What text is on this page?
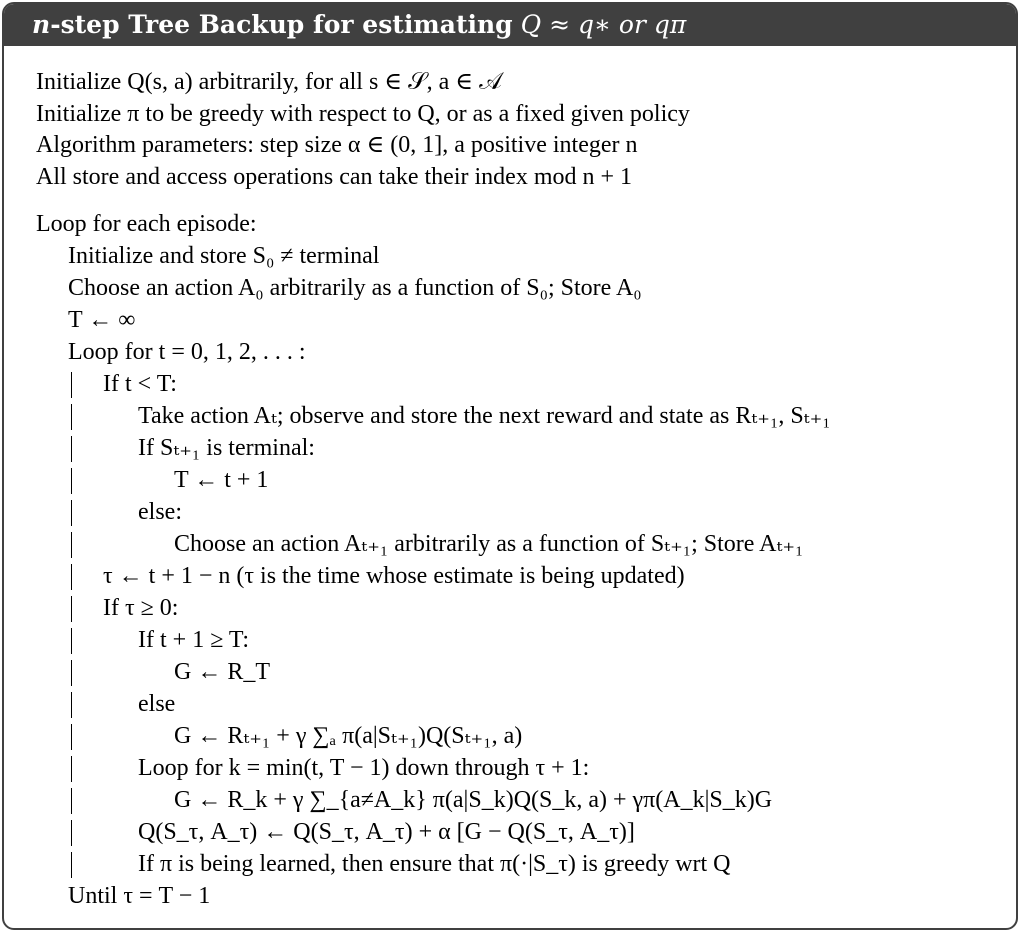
n-step Tree Backup for estimating Q ≈ q∗ or qπ
Initialize Q(s, a) arbitrarily, for all s ∈ 𝒮, a ∈ 𝒜
Initialize π to be greedy with respect to Q, or as a fixed given policy
Algorithm parameters: step size α ∈ (0, 1], a positive integer n
All store and access operations can take their index mod n + 1
Loop for each episode:
Initialize and store S₀ ≠ terminal
Choose an action A₀ arbitrarily as a function of S₀; Store A₀
T ← ∞
Loop for t = 0, 1, 2, . . . :
If t < T:
Take action Aₜ; observe and store the next reward and state as Rₜ₊₁, Sₜ₊₁
If Sₜ₊₁ is terminal:
T ← t + 1
else:
Choose an action Aₜ₊₁ arbitrarily as a function of Sₜ₊₁; Store Aₜ₊₁
τ ← t + 1 − n (τ is the time whose estimate is being updated)
If τ ≥ 0:
If t + 1 ≥ T:
G ← R_T
else
G ← Rₜ₊₁ + γ ∑ₐ π(a|Sₜ₊₁)Q(Sₜ₊₁, a)
Loop for k = min(t, T − 1) down through τ + 1:
G ← R_k + γ ∑_{a≠A_k} π(a|S_k)Q(S_k, a) + γπ(A_k|S_k)G
Q(S_τ, A_τ) ← Q(S_τ, A_τ) + α [G − Q(S_τ, A_τ)]
If π is being learned, then ensure that π(·|S_τ) is greedy wrt Q
Until τ = T − 1
